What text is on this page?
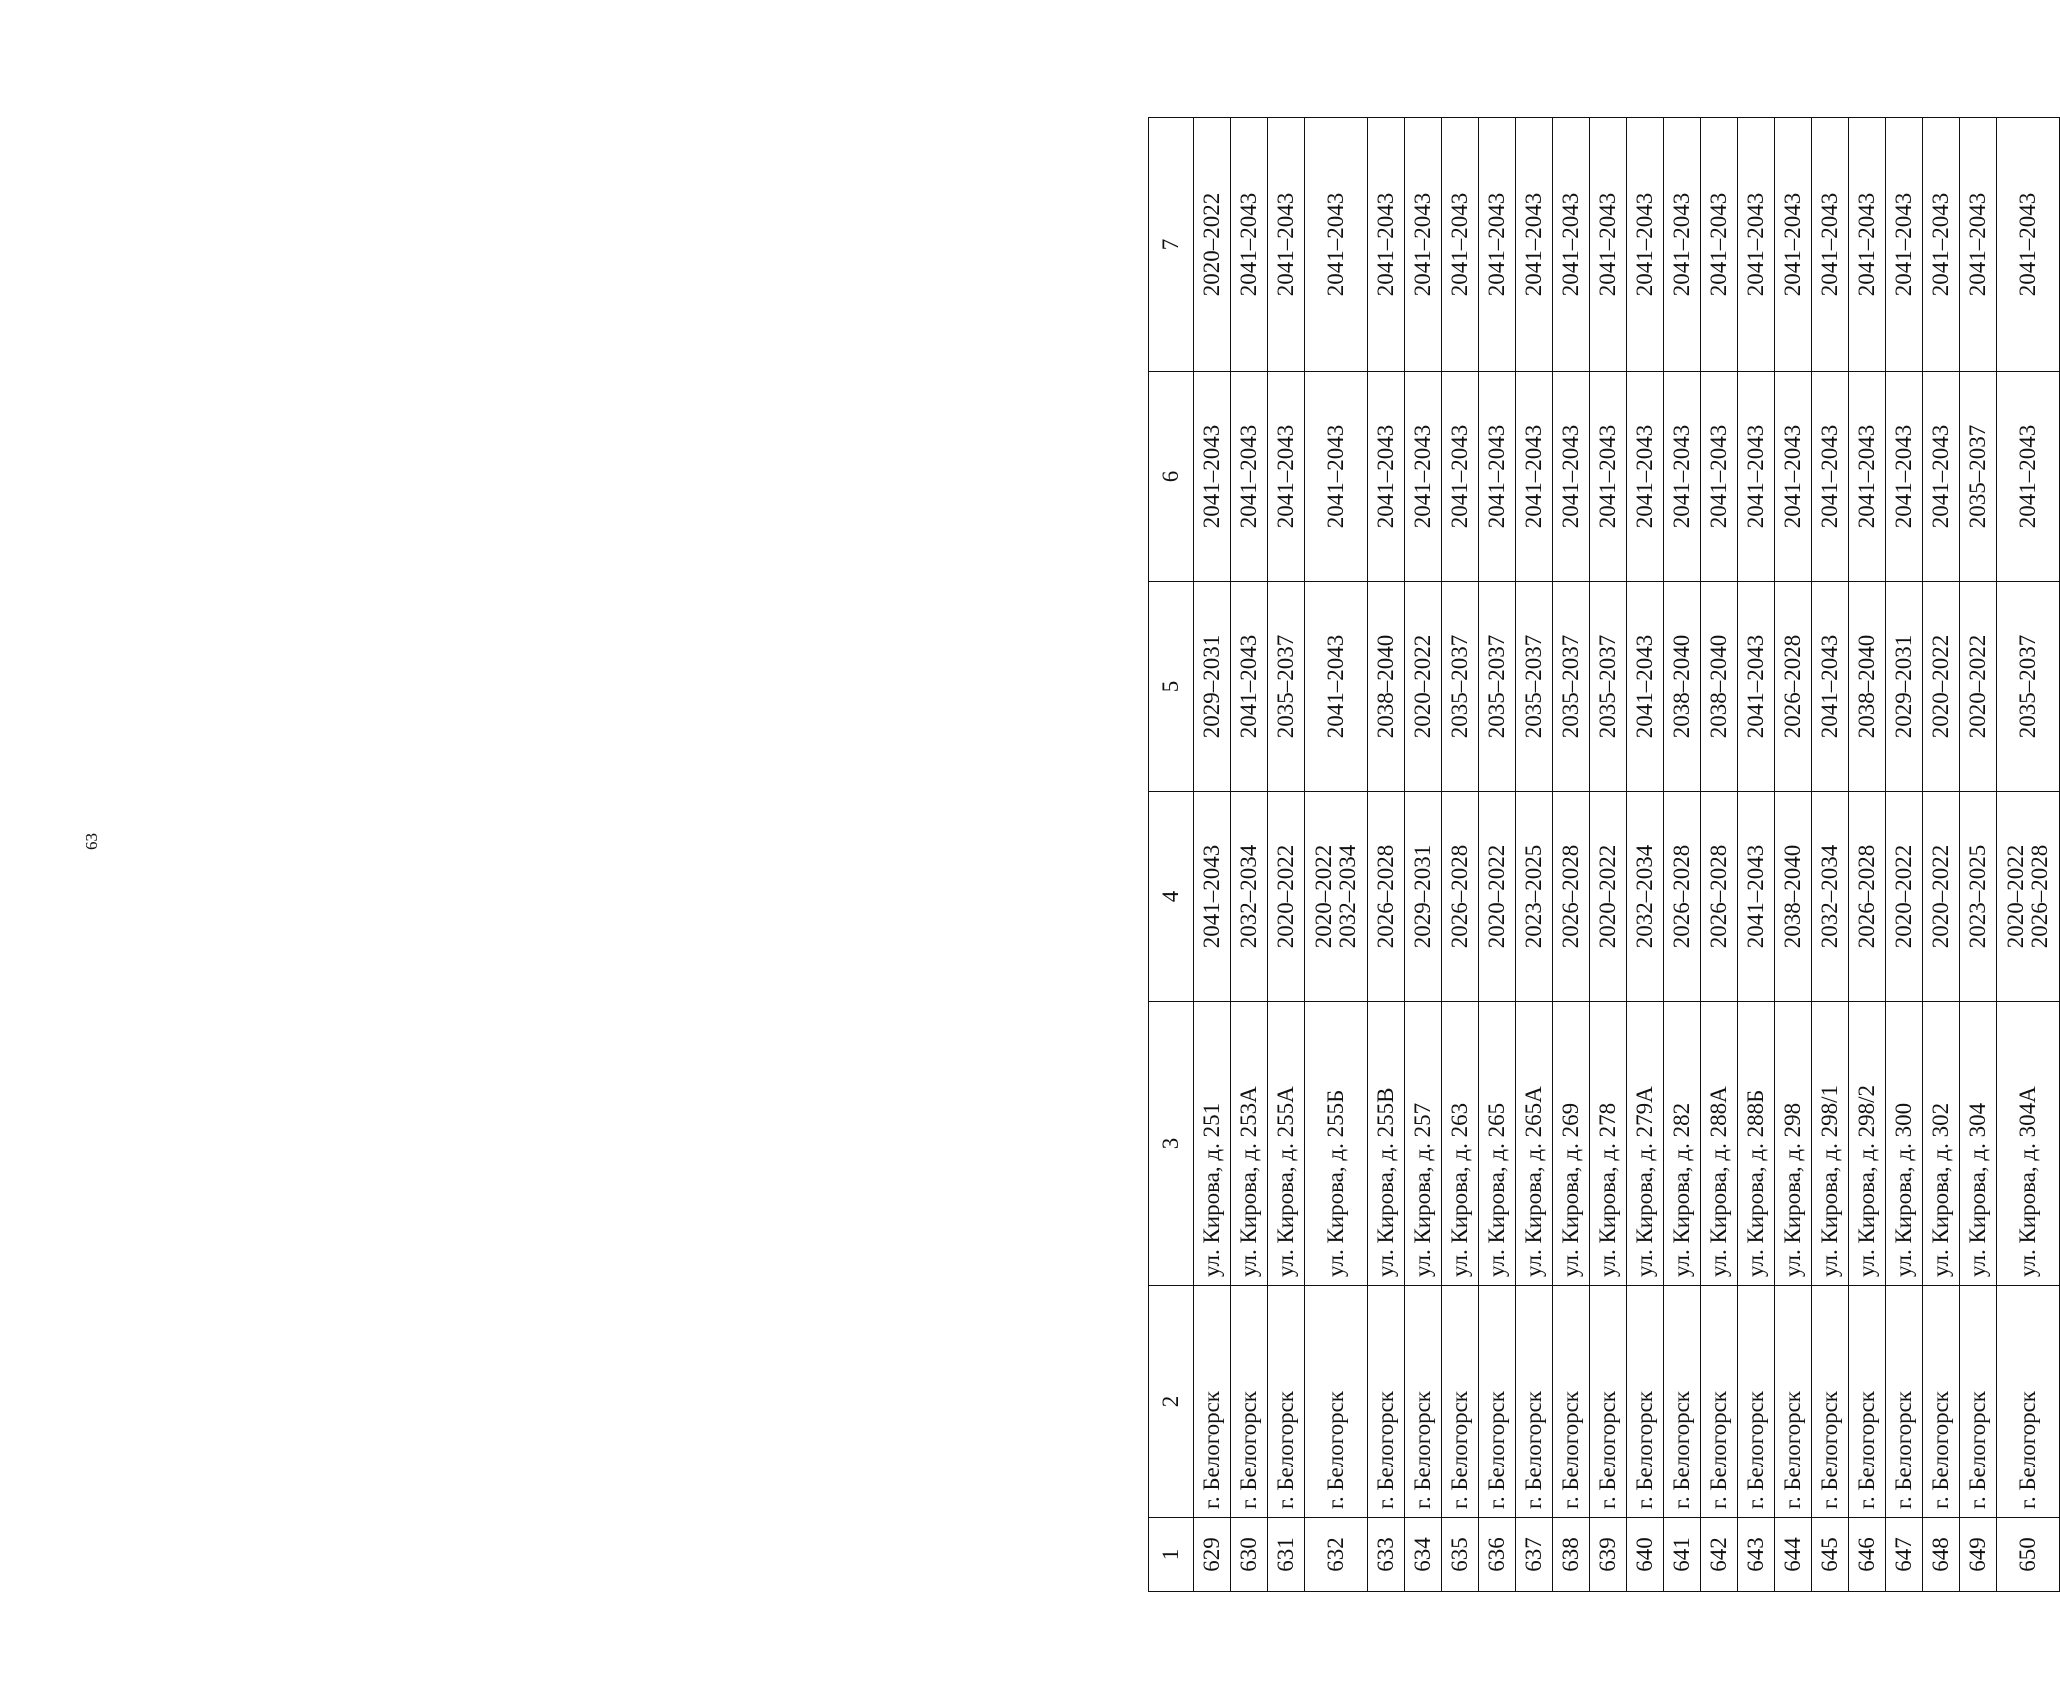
63
1	2	3	4	5	6	7
629	г. Белогорск	ул. Кирова, д. 251	2041–2043	2029–2031	2041–2043	2020–2022
630	г. Белогорск	ул. Кирова, д. 253А	2032–2034	2041–2043	2041–2043	2041–2043
631	г. Белогорск	ул. Кирова, д. 255А	2020–2022	2035–2037	2041–2043	2041–2043
632	г. Белогорск	ул. Кирова, д. 255Б	2020–2022 2032–2034	2041–2043	2041–2043	2041–2043
633	г. Белогорск	ул. Кирова, д. 255В	2026–2028	2038–2040	2041–2043	2041–2043
634	г. Белогорск	ул. Кирова, д. 257	2029–2031	2020–2022	2041–2043	2041–2043
635	г. Белогорск	ул. Кирова, д. 263	2026–2028	2035–2037	2041–2043	2041–2043
636	г. Белогорск	ул. Кирова, д. 265	2020–2022	2035–2037	2041–2043	2041–2043
637	г. Белогорск	ул. Кирова, д. 265А	2023–2025	2035–2037	2041–2043	2041–2043
638	г. Белогорск	ул. Кирова, д. 269	2026–2028	2035–2037	2041–2043	2041–2043
639	г. Белогорск	ул. Кирова, д. 278	2020–2022	2035–2037	2041–2043	2041–2043
640	г. Белогорск	ул. Кирова, д. 279А	2032–2034	2041–2043	2041–2043	2041–2043
641	г. Белогорск	ул. Кирова, д. 282	2026–2028	2038–2040	2041–2043	2041–2043
642	г. Белогорск	ул. Кирова, д. 288А	2026–2028	2038–2040	2041–2043	2041–2043
643	г. Белогорск	ул. Кирова, д. 288Б	2041–2043	2041–2043	2041–2043	2041–2043
644	г. Белогорск	ул. Кирова, д. 298	2038–2040	2026–2028	2041–2043	2041–2043
645	г. Белогорск	ул. Кирова, д. 298/1	2032–2034	2041–2043	2041–2043	2041–2043
646	г. Белогорск	ул. Кирова, д. 298/2	2026–2028	2038–2040	2041–2043	2041–2043
647	г. Белогорск	ул. Кирова, д. 300	2020–2022	2029–2031	2041–2043	2041–2043
648	г. Белогорск	ул. Кирова, д. 302	2020–2022	2020–2022	2041–2043	2041–2043
649	г. Белогорск	ул. Кирова, д. 304	2023–2025	2020–2022	2035–2037	2041–2043
650	г. Белогорск	ул. Кирова, д. 304А	2020–2022 2026–2028	2035–2037	2041–2043	2041–2043
